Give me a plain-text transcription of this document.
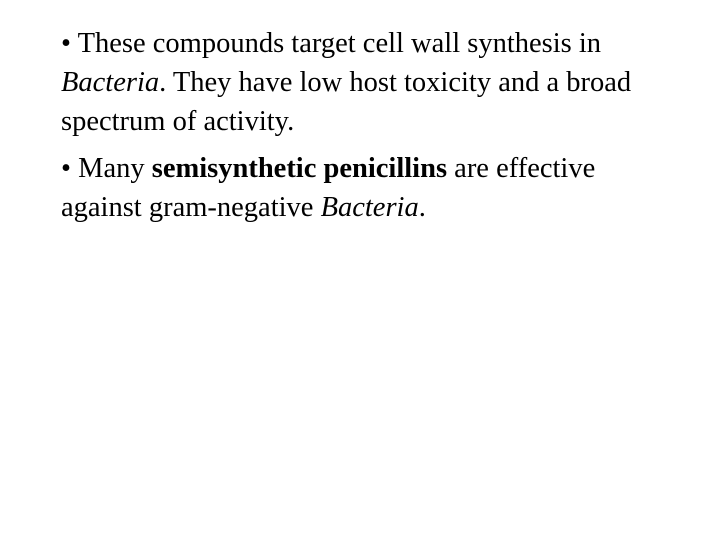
• These compounds target cell wall synthesis in Bacteria. They have low host toxicity and a broad spectrum of activity.
• Many semisynthetic penicillins are effective against gram-negative Bacteria.
